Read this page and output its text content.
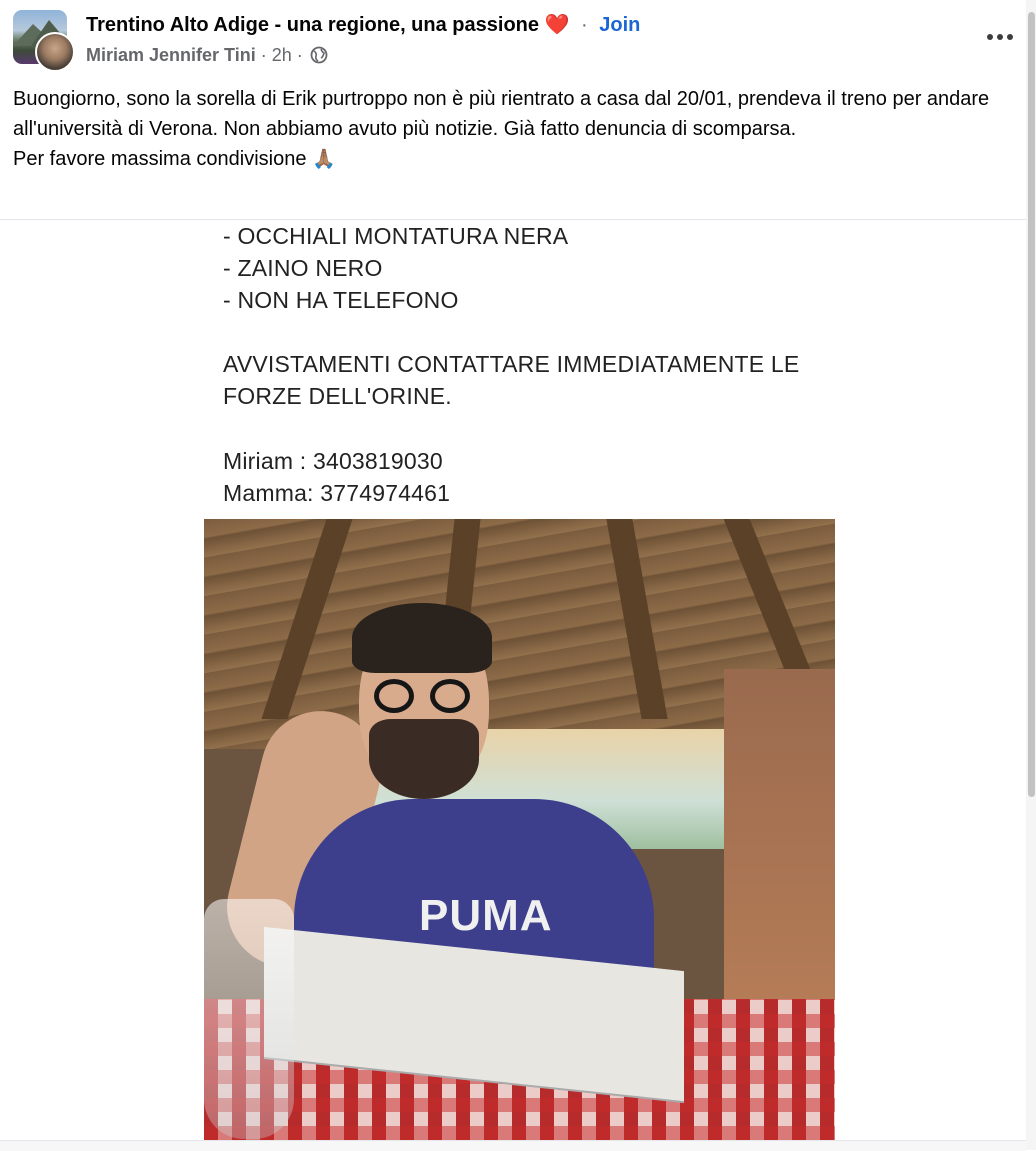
Trentino Alto Adige - una regione, una passione ❤️ · Join
Miriam Jennifer Tini · 2h ·

Buongiorno, sono la sorella di Erik purtroppo non è più rientrato a casa dal 20/01, prendeva il treno per andare all'università di Verona. Non abbiamo avuto più notizie. Già fatto denuncia di scomparsa.

Per favore massima condivisione 🙏🏽

- OCCHIALI MONTATURA NERA
- ZAINO NERO
- NON HA TELEFONO
AVVISTAMENTI CONTATTARE IMMEDIATAMENTE LE
FORZE DELL'ORINE.
Miriam : 3403819030
Mamma: 3774974461
PUMA
